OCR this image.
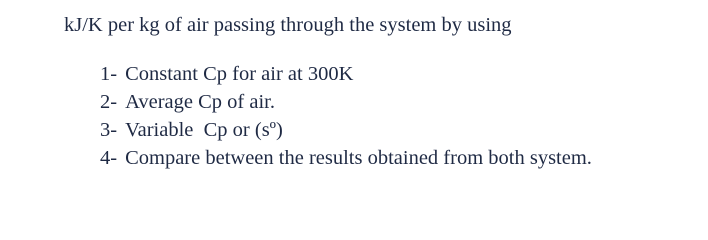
kJ/K per kg of air passing through the system by using
1- Constant Cp for air at 300K
2- Average Cp of air.
3- Variable  Cp or (sº)
4- Compare between the results obtained from both system.
